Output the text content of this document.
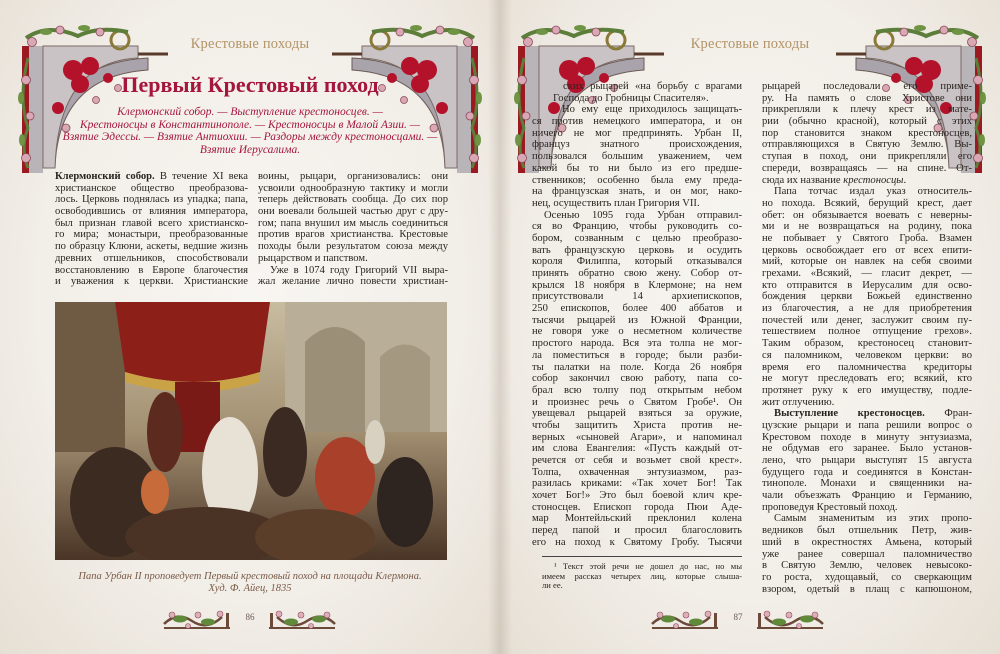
Крестовые походы
Первый Крестовый поход
Клермонский собор. — Выступление крестоносцев. —
Крестоносцы в Константинополе. — Крестоносцы в Малой Азии. —
Взятие Эдессы. — Взятие Антиохии. — Раздоры между крестоносцами. —
Взятие Иерусалима.
Клермонский собор. В течение XI века
христианское общество преобразова-
лось. Церковь поднялась из упадка; папа,
освободившись от влияния императора,
был признан главой всего христианско-
го мира; монастыри, преобразованные
по образцу Клюни, аскеты, ведшие жизнь
древних отшельников, способствовали
восстановлению в Европе благочестия
и уважения к церкви. Христианские
воины, рыцари, организовались: они
усвоили однообразную тактику и могли
теперь действовать сообща. До сих пор
они воевали большей частью друг с дру-
гом; папа внушил им мысль соединиться
против врагов христианства. Крестовые
походы были результатом союза между
рыцарством и папством.
Уже в 1074 году Григорий VII выра-
жал желание лично повести христиан-
Папа Урбан II проповедует Первый крестовый поход на площади Клермона.
Худ. Ф. Айец, 1835
86
Крестовые походы
ских рыцарей «на борьбу с врагами
Господа до Гробницы Спасителя».
Но ему еще приходилось защищать-
ся против немецкого императора, и он
ничего не мог предпринять. Урбан II,
француз знатного происхождения,
пользовался большим уважением, чем
какой бы то ни было из его предше-
ственников; особенно была ему преда-
на французская знать, и он мог, нако-
нец, осуществить план Григория VII.
Осенью 1095 года Урбан отправил-
ся во Францию, чтобы руководить со-
бором, созванным с целью преобразо-
вать французскую церковь и осудить
короля Филиппа, который отказывался
принять обратно свою жену. Собор от-
крылся 18 ноября в Клермоне; на нем
присутствовали 14 архиепископов,
250 епископов, более 400 аббатов и
тысячи рыцарей из Южной Франции,
не говоря уже о несметном количестве
простого народа. Вся эта толпа не мог-
ла поместиться в городе; были разби-
ты палатки на поле. Когда 26 ноября
собор закончил свою работу, папа со-
брал всю толпу под открытым небом
и произнес речь о Святом Гробе¹. Он
увещевал рыцарей взяться за оружие,
чтобы защитить Христа против не-
верных «сыновей Агари», и напоминал
им слова Евангелия: «Пусть каждый от-
речется от себя и возьмет свой крест».
Толпа, охваченная энтузиазмом, раз-
разилась криками: «Так хочет Бог! Так
хочет Бог!» Это был боевой клич кре-
стоносцев. Епископ города Пюи Аде-
мар Монтейльский преклонил колена
перед папой и просил благословить
его на поход к Святому Гробу. Тысячи
рыцарей последовали его приме-
ру. На память о слове Христове они
прикрепляли к плечу крест из мате-
рии (обычно красной), который с этих
пор становится знаком крестоносцев,
отправляющихся в Святую Землю. Вы-
ступая в поход, они прикрепляли его
спереди, возвращаясь — на спине. От-
сюда их название крестоносцы.
Папа тотчас издал указ относитель-
но похода. Всякий, берущий крест, дает
обет: он обязывается воевать с неверны-
ми и не возвращаться на родину, пока
не побывает у Святого Гроба. Взамен
церковь освобождает его от всех епити-
мий, которые он навлек на себя своими
грехами. «Всякий, — гласит декрет, —
кто отправится в Иерусалим для осво-
бождения церкви Божьей единственно
из благочестия, а не для приобретения
почестей или денег, заслужит своим пу-
тешествием полное отпущение грехов».
Таким образом, крестоносец становит-
ся паломником, человеком церкви: во
время его паломничества кредиторы
не могут преследовать его; всякий, кто
протянет руку к его имуществу, подле-
жит отлучению.
Выступление крестоносцев. Фран-
цузские рыцари и папа решили вопрос о
Крестовом походе в минуту энтузиазма,
не обдумав его заранее. Было установ-
лено, что рыцари выступят 15 августа
будущего года и соединятся в Констан-
тинополе. Монахи и священники на-
чали объезжать Францию и Германию,
проповедуя Крестовый поход.
Самым знаменитым из этих пропо-
ведников был отшельник Петр, жив-
ший в окрестностях Амьена, который
уже ранее совершал паломничество
в Святую Землю, человек невысоко-
го роста, худощавый, со сверкающим
взором, одетый в плащ с капюшоном,
¹ Текст этой речи не дошел до нас, но мы
имеем рассказ четырех лиц, которые слыша-
ли ее.
87
